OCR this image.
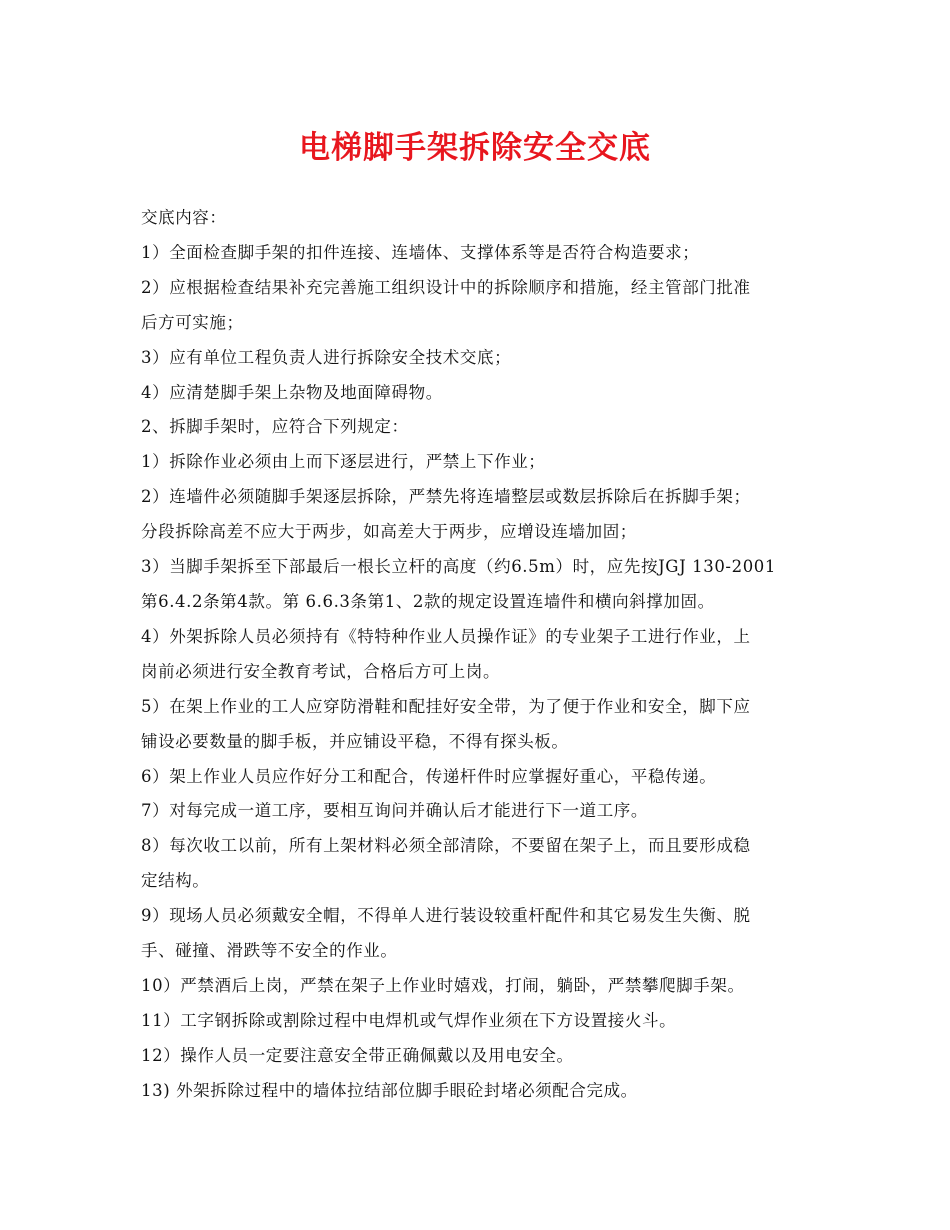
电梯脚手架拆除安全交底
交底内容：
1）全面检查脚手架的扣件连接、连墙体、支撑体系等是否符合构造要求；
2）应根据检查结果补充完善施工组织设计中的拆除顺序和措施，经主管部门批准
后方可实施；
3）应有单位工程负责人进行拆除安全技术交底；
4）应清楚脚手架上杂物及地面障碍物。
2、拆脚手架时，应符合下列规定：
1）拆除作业必须由上而下逐层进行，严禁上下作业；
2）连墙件必须随脚手架逐层拆除，严禁先将连墙整层或数层拆除后在拆脚手架；
分段拆除高差不应大于两步，如高差大于两步，应增设连墙加固；
3）当脚手架拆至下部最后一根长立杆的高度（约6.5m）时，应先按JGJ 130-2001
第6.4.2条第4款。第 6.6.3条第1、2款的规定设置连墙件和横向斜撑加固。
4）外架拆除人员必须持有《特特种作业人员操作证》的专业架子工进行作业，上
岗前必须进行安全教育考试，合格后方可上岗。
5）在架上作业的工人应穿防滑鞋和配挂好安全带，为了便于作业和安全，脚下应
铺设必要数量的脚手板，并应铺设平稳，不得有探头板。
6）架上作业人员应作好分工和配合，传递杆件时应掌握好重心，平稳传递。
7）对每完成一道工序，要相互询问并确认后才能进行下一道工序。
8）每次收工以前，所有上架材料必须全部清除，不要留在架子上，而且要形成稳
定结构。
9）现场人员必须戴安全帽，不得单人进行装设较重杆配件和其它易发生失衡、脱
手、碰撞、滑跌等不安全的作业。
10）严禁酒后上岗，严禁在架子上作业时嬉戏，打闹，躺卧，严禁攀爬脚手架。
11）工字钢拆除或割除过程中电焊机或气焊作业须在下方设置接火斗。
12）操作人员一定要注意安全带正确佩戴以及用电安全。
13) 外架拆除过程中的墙体拉结部位脚手眼砼封堵必须配合完成。
